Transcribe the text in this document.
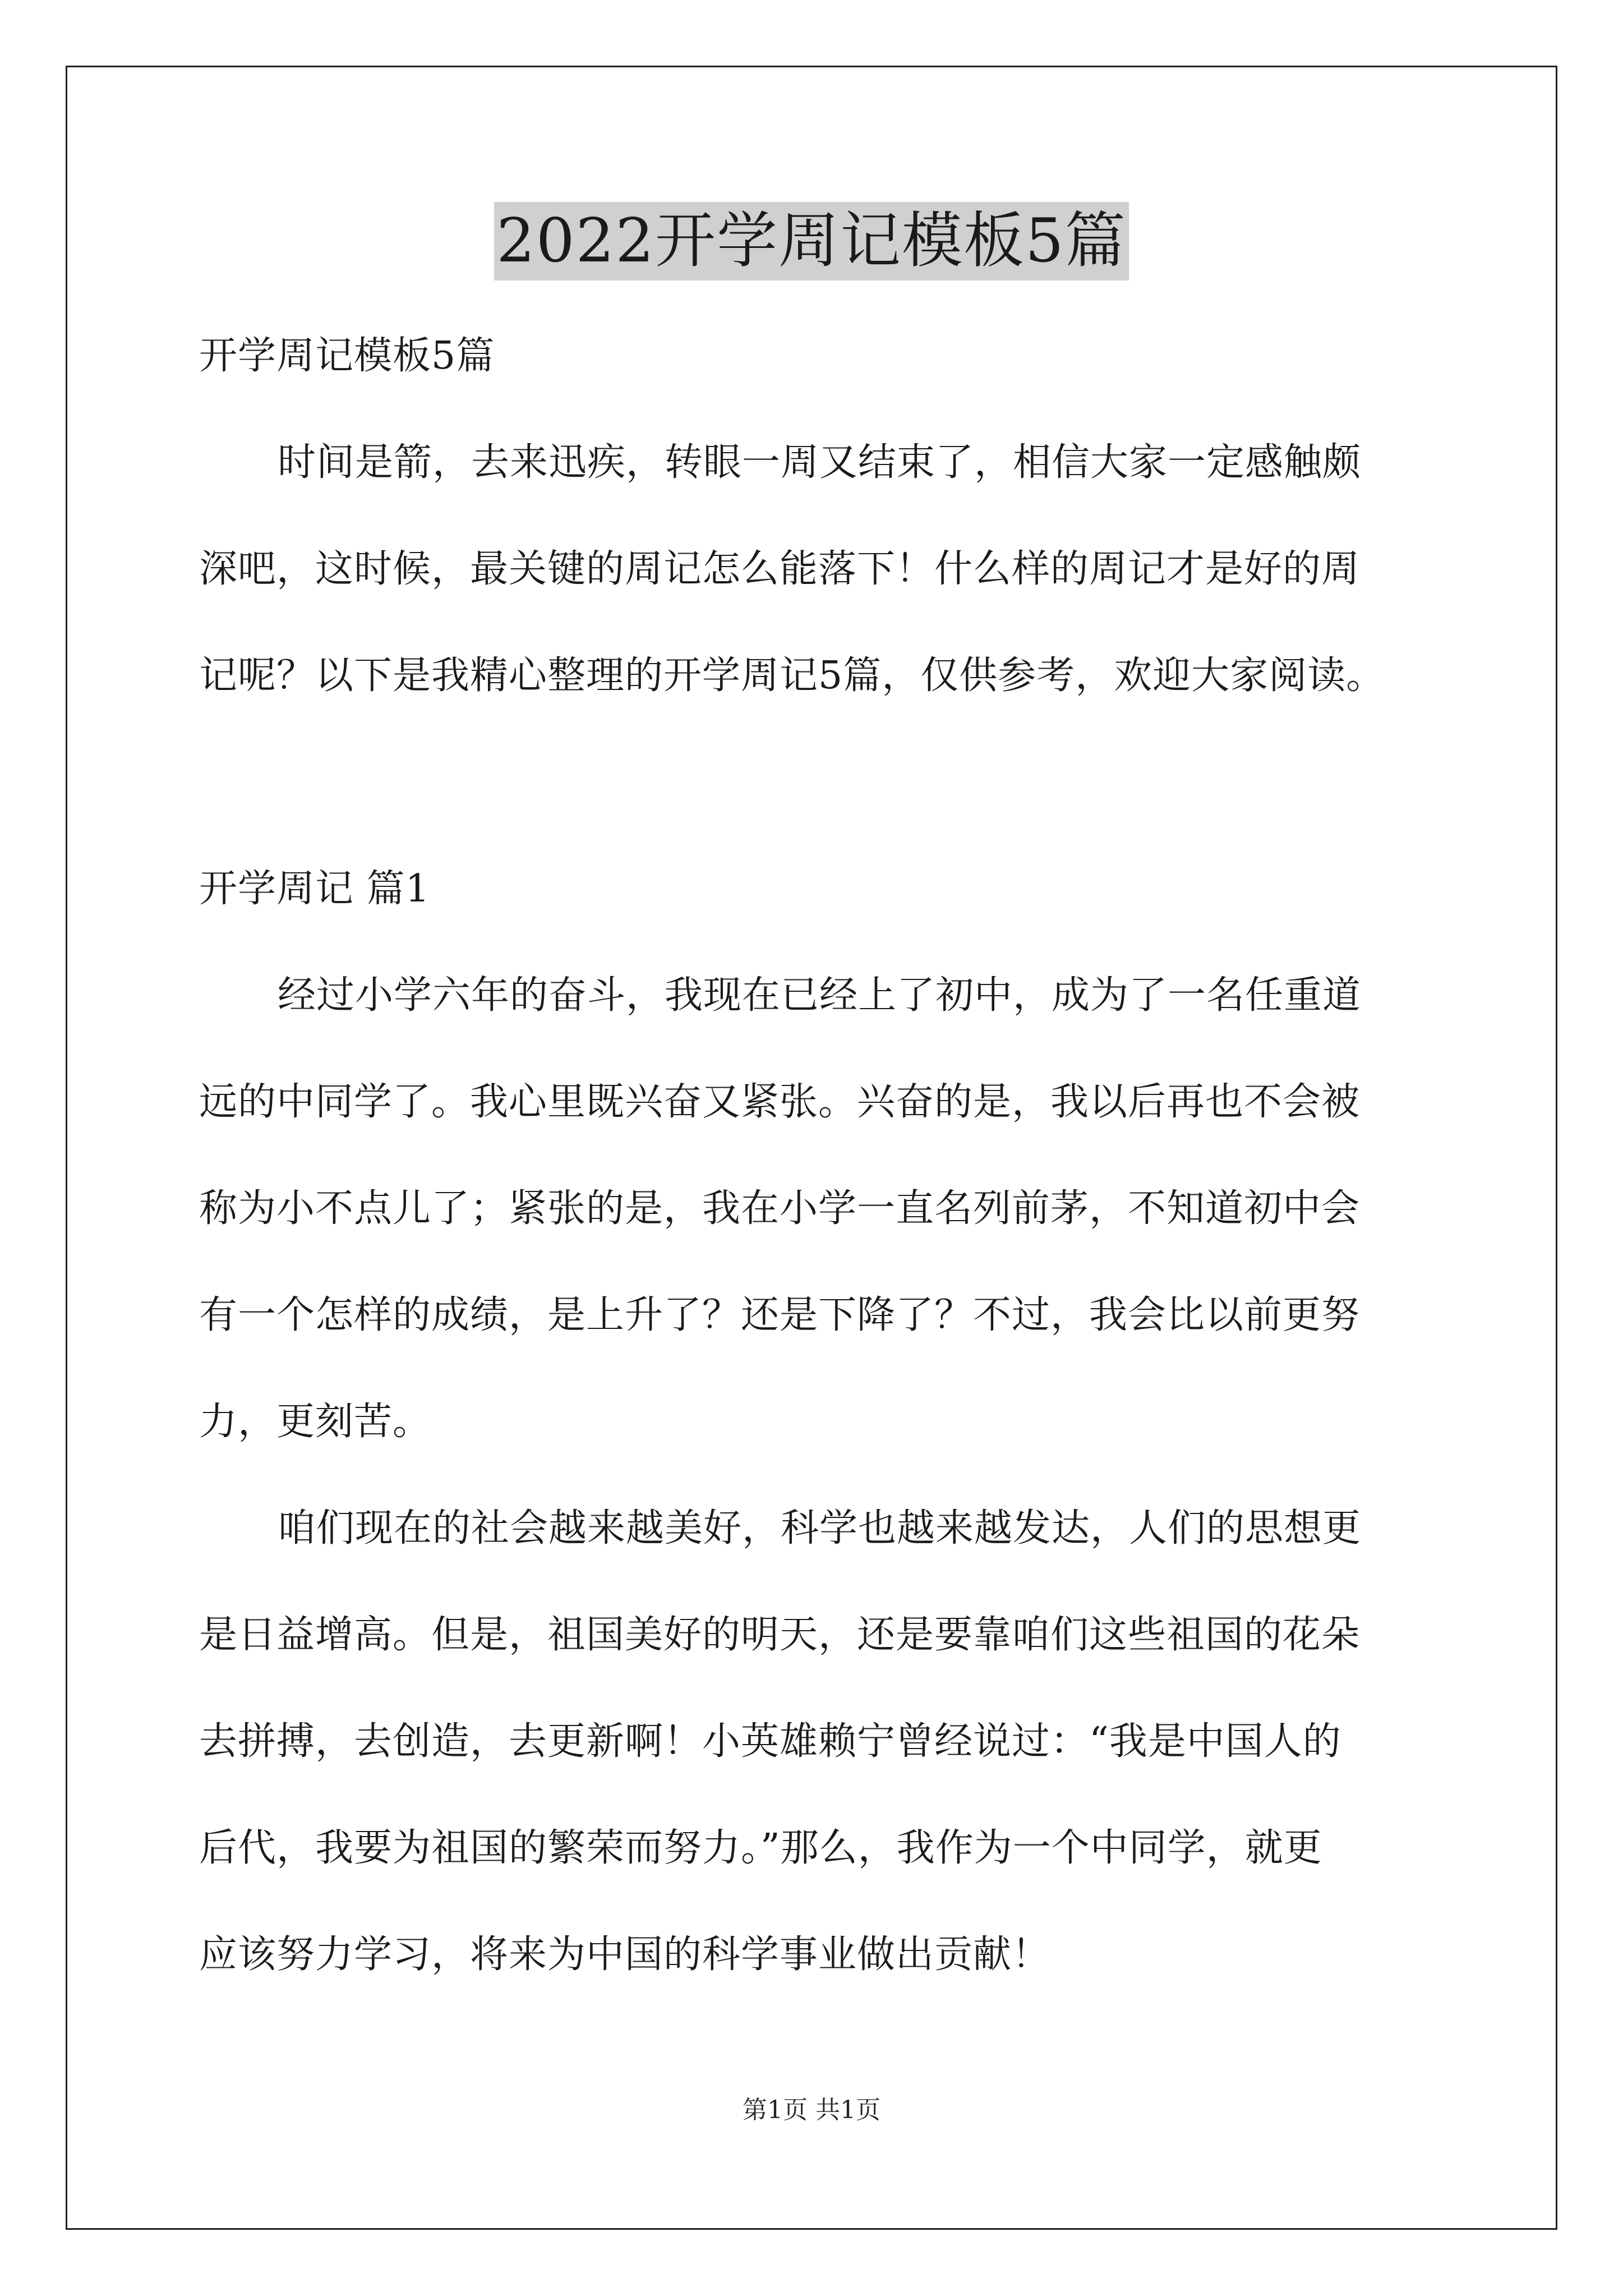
2022开学周记模板5篇
开学周记模板5篇
时间是箭，去来迅疾，转眼一周又结束了，相信大家一定感触颇
深吧，这时候，最关键的周记怎么能落下！什么样的周记才是好的周
记呢？以下是我精心整理的开学周记5篇，仅供参考，欢迎大家阅读。
开学周记 篇1
经过小学六年的奋斗，我现在已经上了初中，成为了一名任重道
远的中同学了。我心里既兴奋又紧张。兴奋的是，我以后再也不会被
称为小不点儿了；紧张的是，我在小学一直名列前茅，不知道初中会
有一个怎样的成绩，是上升了？还是下降了？不过，我会比以前更努
力，更刻苦。
咱们现在的社会越来越美好，科学也越来越发达，人们的思想更
是日益增高。但是，祖国美好的明天，还是要靠咱们这些祖国的花朵
去拼搏，去创造，去更新啊！小英雄赖宁曾经说过：“我是中国人的
后代，我要为祖国的繁荣而努力。”那么，我作为一个中同学，就更
应该努力学习，将来为中国的科学事业做出贡献！
第1页 共1页
